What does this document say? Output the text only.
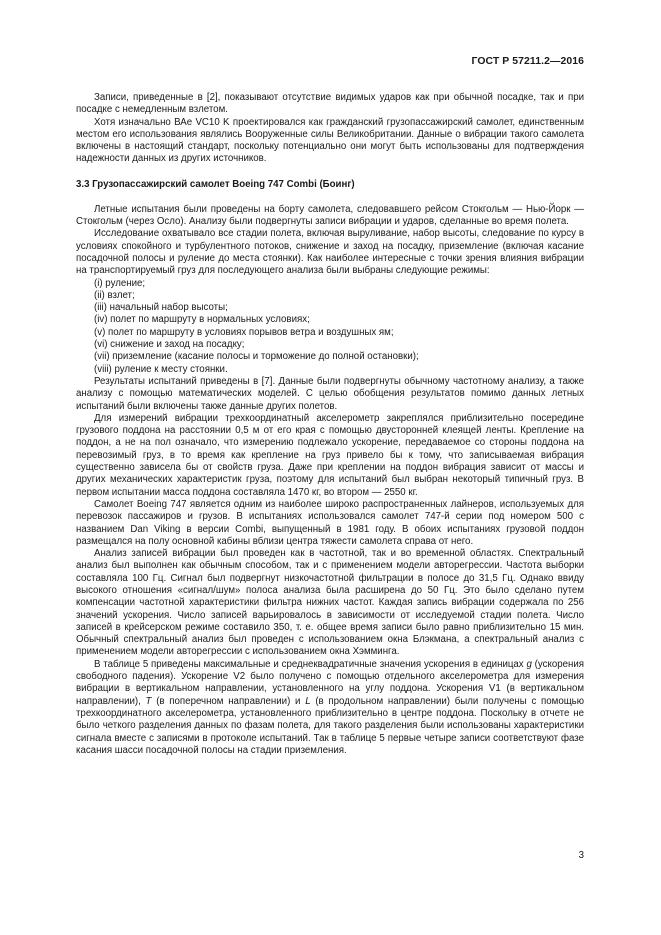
ГОСТ Р 57211.2—2016

Записи, приведенные в [2], показывают отсутствие видимых ударов как при обычной посадке, так и при посадке с немедленным взлетом.

Хотя изначально ВАе VC10 K проектировался как гражданский грузопассажирский самолет, единственным местом его использования являлись Вооруженные силы Великобритании. Данные о вибрации такого самолета включены в настоящий стандарт, поскольку потенциально они могут быть использованы для подтверждения надежности данных из других источников.

3.3 Грузопассажирский самолет Boeing 747 Combi (Боинг)

Летные испытания были проведены на борту самолета, следовавшего рейсом Стокгольм — Нью-Йорк — Стокгольм (через Осло). Анализу были подвергнуты записи вибрации и ударов, сделанные во время полета.

Исследование охватывало все стадии полета, включая выруливание, набор высоты, следование по курсу в условиях спокойного и турбулентного потоков, снижение и заход на посадку, приземление (включая касание посадочной полосы и руление до места стоянки). Как наиболее интересные с точки зрения влияния вибрации на транспортируемый груз для последующего анализа были выбраны следующие режимы:

(i) руление;

(ii) взлет;

(iii) начальный набор высоты;

(iv) полет по маршруту в нормальных условиях;

(v) полет по маршруту в условиях порывов ветра и воздушных ям;

(vi) снижение и заход на посадку;

(vii) приземление (касание полосы и торможение до полной остановки);

(viii) руление к месту стоянки.

Результаты испытаний приведены в [7]. Данные были подвергнуты обычному частотному анализу, а также анализу с помощью математических моделей. С целью обобщения результатов помимо данных летных испытаний были включены также данные других полетов.

Для измерений вибрации трехкоординатный акселерометр закреплялся приблизительно посередине грузового поддона на расстоянии 0,5 м от его края с помощью двусторонней клеящей ленты. Крепление на поддон, а не на пол означало, что измерению подлежало ускорение, передаваемое со стороны поддона на перевозимый груз, в то время как крепление на груз привело бы к тому, что записываемая вибрация существенно зависела бы от свойств груза. Даже при креплении на поддон вибрация зависит от массы и других механических характеристик груза, поэтому для испытаний был выбран некоторый типичный груз. В первом испытании масса поддона составляла 1470 кг, во втором — 2550 кг.

Самолет Boeing 747 является одним из наиболее широко распространенных лайнеров, используемых для перевозок пассажиров и грузов. В испытаниях использовался самолет 747-й серии под номером 500 с названием Dan Viking в версии Combi, выпущенный в 1981 году. В обоих испытаниях грузовой поддон размещался на полу основной кабины вблизи центра тяжести самолета справа от него.

Анализ записей вибрации был проведен как в частотной, так и во временной областях. Спектральный анализ был выполнен как обычным способом, так и с применением модели авторегрессии. Частота выборки составляла 100 Гц. Сигнал был подвергнут низкочастотной фильтрации в полосе до 31,5 Гц. Однако ввиду высокого отношения «сигнал/шум» полоса анализа была расширена до 50 Гц. Это было сделано путем компенсации частотной характеристики фильтра нижних частот. Каждая запись вибрации содержала по 256 значений ускорения. Число записей варьировалось в зависимости от исследуемой стадии полета. Число записей в крейсерском режиме составило 350, т. е. общее время записи было равно приблизительно 15 мин. Обычный спектральный анализ был проведен с использованием окна Блэкмана, а спектральный анализ с применением модели авторегрессии с использованием окна Хэмминга.

В таблице 5 приведены максимальные и среднеквадратичные значения ускорения в единицах g (ускорения свободного падения). Ускорение V2 было получено с помощью отдельного акселерометра для измерения вибрации в вертикальном направлении, установленного на углу поддона. Ускорения V1 (в вертикальном направлении), T (в поперечном направлении) и L (в продольном направлении) были получены с помощью трехкоординатного акселерометра, установленного приблизительно в центре поддона. Поскольку в отчете не было четкого разделения данных по фазам полета, для такого разделения были использованы характеристики сигнала вместе с записями в протоколе испытаний. Так в таблице 5 первые четыре записи соответствуют фазе касания шасси посадочной полосы на стадии приземления.

3
